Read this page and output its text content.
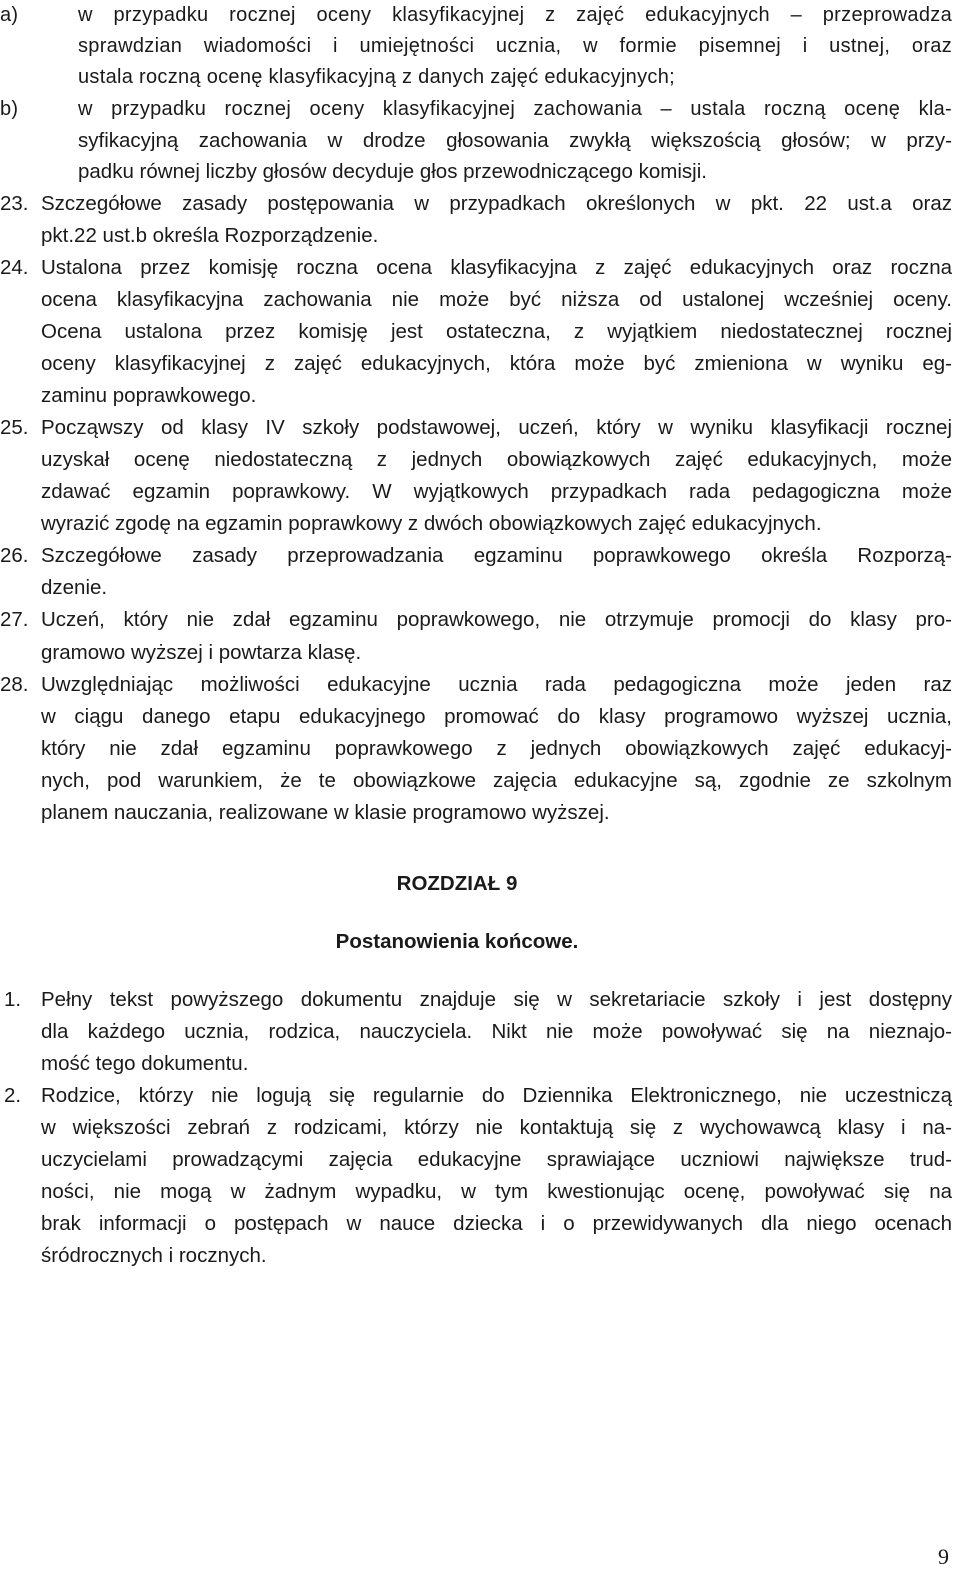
a)	w przypadku rocznej oceny klasyfikacyjnej z zajęć edukacyjnych – przeprowadza
sprawdzian wiadomości i umiejętności ucznia, w formie pisemnej i ustnej, oraz
ustala roczną ocenę klasyfikacyjną z danych zajęć edukacyjnych;
b)	w przypadku rocznej oceny klasyfikacyjnej zachowania – ustala roczną ocenę kla-
syfikacyjną zachowania w drodze głosowania zwykłą większością głosów; w przy-
padku równej liczby głosów decyduje głos przewodniczącego komisji.
23. Szczegółowe zasady postępowania w przypadkach określonych w pkt. 22 ust.a oraz
pkt.22 ust.b określa Rozporządzenie.
24. Ustalona przez komisję roczna ocena klasyfikacyjna z zajęć edukacyjnych oraz roczna
ocena klasyfikacyjna zachowania nie może być niższa od ustalonej wcześniej oceny.
Ocena ustalona przez komisję jest ostateczna, z wyjątkiem niedostatecznej rocznej
oceny klasyfikacyjnej z zajęć edukacyjnych, która może być zmieniona w wyniku eg-
zaminu poprawkowego.
25. Począwszy od klasy IV szkoły podstawowej, uczeń, który w wyniku klasyfikacji rocznej
uzyskał ocenę niedostateczną z jednych obowiązkowych zajęć edukacyjnych, może
zdawać egzamin poprawkowy. W wyjątkowych przypadkach rada pedagogiczna może
wyrazić zgodę na egzamin poprawkowy z dwóch obowiązkowych zajęć edukacyjnych.
26. Szczegółowe zasady przeprowadzania egzaminu poprawkowego określa Rozporzą-
dzenie.
27. Uczeń, który nie zdał egzaminu poprawkowego, nie otrzymuje promocji do klasy pro-
gramowo wyższej i powtarza klasę.
28. Uwzględniając możliwości edukacyjne ucznia rada pedagogiczna może jeden raz
w ciągu danego etapu edukacyjnego promować do klasy programowo wyższej ucznia,
który nie zdał egzaminu poprawkowego z jednych obowiązkowych zajęć edukacyj-
nych, pod warunkiem, że te obowiązkowe zajęcia edukacyjne są, zgodnie ze szkolnym
planem nauczania, realizowane w klasie programowo wyższej.
ROZDZIAŁ 9
Postanowienia końcowe.
1. Pełny tekst powyższego dokumentu znajduje się w sekretariacie szkoły i jest dostępny
dla każdego ucznia, rodzica, nauczyciela. Nikt nie może powoływać się na nieznajo-
mość tego dokumentu.
2. Rodzice, którzy nie logują się regularnie do Dziennika Elektronicznego, nie uczestniczą
w większości zebrań z rodzicami, którzy nie kontaktują się z wychowawcą klasy i na-
uczycielami prowadzącymi zajęcia edukacyjne sprawiające uczniowi największe trud-
ności, nie mogą w żadnym wypadku, w tym kwestionując ocenę, powoływać się na
brak informacji o postępach w nauce dziecka i o przewidywanych dla niego ocenach
śródrocznych i rocznych.
9
